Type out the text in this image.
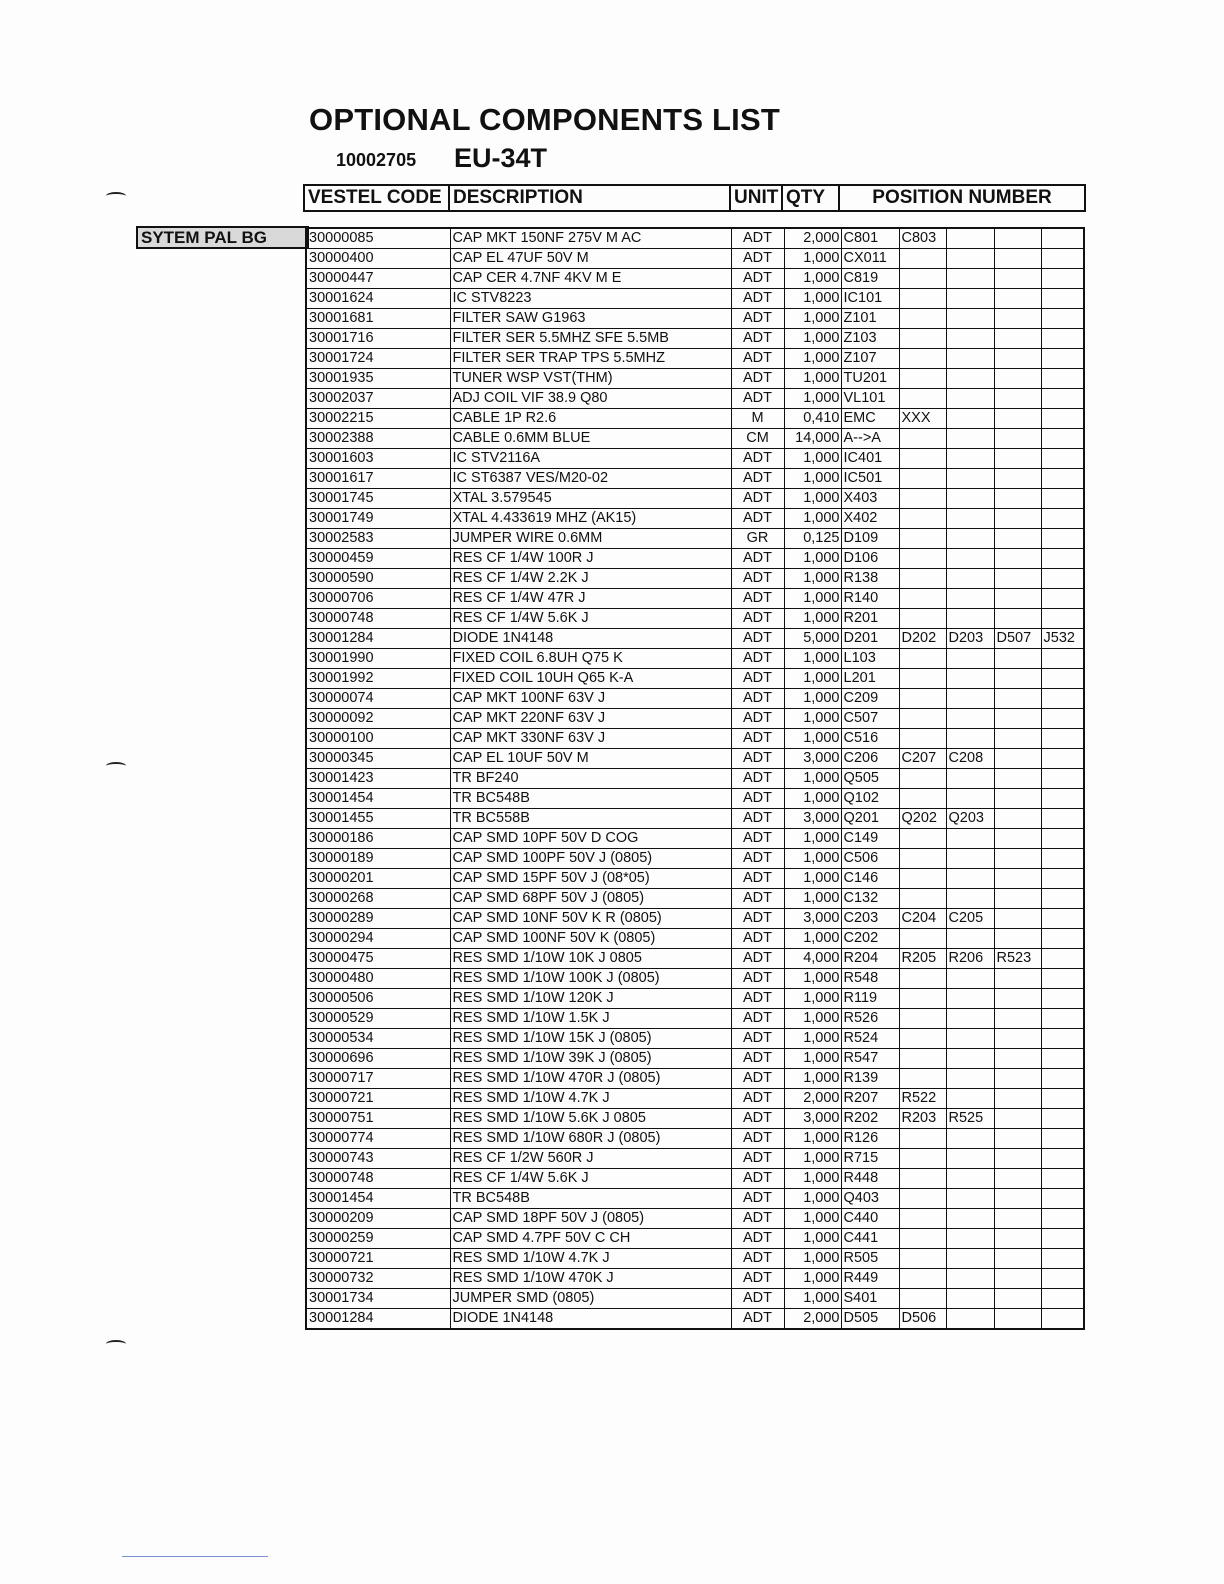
OPTIONAL COMPONENTS LIST
10002705 EU-34T
VESTEL CODE	DESCRIPTION	UNIT	QTY	POSITION NUMBER
SYTEM PAL BG	30000085	CAP MKT 150NF 275V M AC	ADT	2,000	C801	C803			
30000400	CAP EL 47UF 50V M	ADT	1,000	CX011				
30000447	CAP CER 4.7NF 4KV M E	ADT	1,000	C819				
30001624	IC STV8223	ADT	1,000	IC101				
30001681	FILTER SAW G1963	ADT	1,000	Z101				
30001716	FILTER SER 5.5MHZ SFE 5.5MB	ADT	1,000	Z103				
30001724	FILTER SER TRAP TPS 5.5MHZ	ADT	1,000	Z107				
30001935	TUNER WSP VST(THM)	ADT	1,000	TU201				
30002037	ADJ COIL VIF 38.9 Q80	ADT	1,000	VL101				
30002215	CABLE 1P R2.6	M	0,410	EMC	XXX			
30002388	CABLE 0.6MM BLUE	CM	14,000	A-->A				
30001603	IC STV2116A	ADT	1,000	IC401				
30001617	IC ST6387 VES/M20-02	ADT	1,000	IC501				
30001745	XTAL 3.579545	ADT	1,000	X403				
30001749	XTAL 4.433619 MHZ (AK15)	ADT	1,000	X402				
30002583	JUMPER WIRE 0.6MM	GR	0,125	D109				
30000459	RES CF 1/4W 100R J	ADT	1,000	D106				
30000590	RES CF 1/4W 2.2K J	ADT	1,000	R138				
30000706	RES CF 1/4W 47R J	ADT	1,000	R140				
30000748	RES CF 1/4W 5.6K J	ADT	1,000	R201				
30001284	DIODE 1N4148	ADT	5,000	D201	D202	D203	D507	J532
30001990	FIXED COIL 6.8UH Q75 K	ADT	1,000	L103				
30001992	FIXED COIL 10UH Q65 K-A	ADT	1,000	L201				
30000074	CAP MKT 100NF 63V J	ADT	1,000	C209				
30000092	CAP MKT 220NF 63V J	ADT	1,000	C507				
30000100	CAP MKT 330NF 63V J	ADT	1,000	C516				
30000345	CAP EL 10UF 50V M	ADT	3,000	C206	C207	C208		
30001423	TR BF240	ADT	1,000	Q505				
30001454	TR BC548B	ADT	1,000	Q102				
30001455	TR BC558B	ADT	3,000	Q201	Q202	Q203		
30000186	CAP SMD 10PF 50V D COG	ADT	1,000	C149				
30000189	CAP SMD 100PF 50V J (0805)	ADT	1,000	C506				
30000201	CAP SMD 15PF 50V J (08*05)	ADT	1,000	C146				
30000268	CAP SMD 68PF 50V J (0805)	ADT	1,000	C132				
30000289	CAP SMD 10NF 50V K R (0805)	ADT	3,000	C203	C204	C205		
30000294	CAP SMD 100NF 50V K (0805)	ADT	1,000	C202				
30000475	RES SMD 1/10W 10K J 0805	ADT	4,000	R204	R205	R206	R523	
30000480	RES SMD 1/10W 100K J (0805)	ADT	1,000	R548				
30000506	RES SMD 1/10W 120K J	ADT	1,000	R119				
30000529	RES SMD 1/10W 1.5K J	ADT	1,000	R526				
30000534	RES SMD 1/10W 15K J (0805)	ADT	1,000	R524				
30000696	RES SMD 1/10W 39K J (0805)	ADT	1,000	R547				
30000717	RES SMD 1/10W 470R J (0805)	ADT	1,000	R139				
30000721	RES SMD 1/10W 4.7K J	ADT	2,000	R207	R522			
30000751	RES SMD 1/10W 5.6K J 0805	ADT	3,000	R202	R203	R525		
30000774	RES SMD 1/10W 680R J (0805)	ADT	1,000	R126				
30000743	RES CF 1/2W 560R J	ADT	1,000	R715				
30000748	RES CF 1/4W 5.6K J	ADT	1,000	R448				
30001454	TR BC548B	ADT	1,000	Q403				
30000209	CAP SMD 18PF 50V J (0805)	ADT	1,000	C440				
30000259	CAP SMD 4.7PF 50V C CH	ADT	1,000	C441				
30000721	RES SMD 1/10W 4.7K J	ADT	1,000	R505				
30000732	RES SMD 1/10W 470K J	ADT	1,000	R449				
30001734	JUMPER SMD (0805)	ADT	1,000	S401				
30001284	DIODE 1N4148	ADT	2,000	D505	D506			
